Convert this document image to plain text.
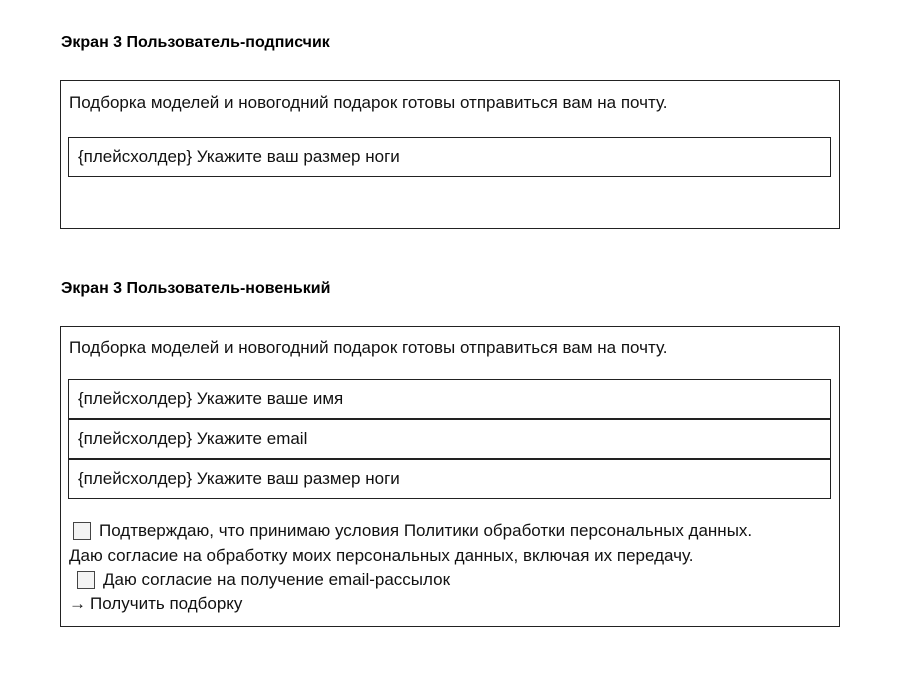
Экран 3 Пользователь-подписчик
Подборка моделей и новогодний подарок готовы отправиться вам на почту.
{плейсхолдер} Укажите ваш размер ноги
Экран 3 Пользователь-новенький
Подборка моделей и новогодний подарок готовы отправиться вам на почту.
{плейсхолдер} Укажите ваше имя
{плейсхолдер} Укажите email
{плейсхолдер} Укажите ваш размер ноги
Подтверждаю, что принимаю условия Политики обработки персональных данных.
Даю согласие на обработку моих персональных данных, включая их передачу.
Даю согласие на получение email-рассылок
→ Получить подборку
